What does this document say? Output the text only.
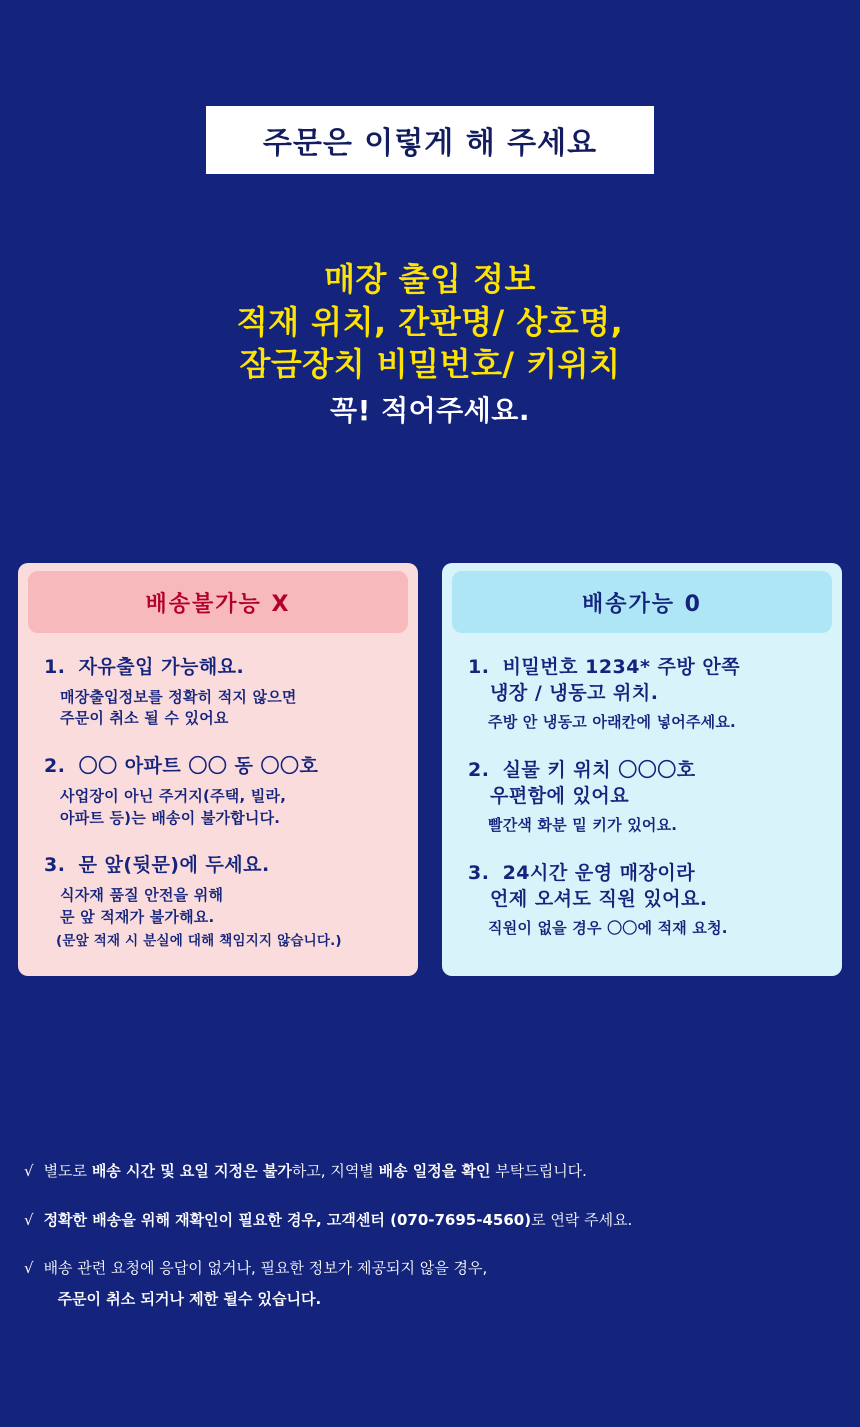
주문은 이렇게 해 주세요
매장 출입 정보
적재 위치, 간판명/ 상호명,
잠금장치 비밀번호/ 키위치
꼭! 적어주세요.
배송불가능 X
1. 자유출입 가능해요.
매장출입정보를 정확히 적지 않으면
주문이 취소 될 수 있어요
2. 〇〇 아파트 〇〇 동 〇〇호
사업장이 아닌 주거지(주택, 빌라,
아파트 등)는 배송이 불가합니다.
3. 문 앞(뒷문)에 두세요.
식자재 품질 안전을 위해
문 앞 적재가 불가해요.
(문앞 적재 시 분실에 대해 책임지지 않습니다.)
배송가능 0
1. 비밀번호 1234* 주방 안쪽
냉장 / 냉동고 위치.
주방 안 냉동고 아래칸에 넣어주세요.
2. 실물 키 위치 〇〇〇호
우편함에 있어요
빨간색 화분 밑 키가 있어요.
3. 24시간 운영 매장이라
언제 오셔도 직원 있어요.
직원이 없을 경우 〇〇에 적재 요청.
√ 별도로 배송 시간 및 요일 지정은 불가하고, 지역별 배송 일정을 확인 부탁드립니다.
√ 정확한 배송을 위해 재확인이 필요한 경우, 고객센터 (070-7695-4560)로 연락 주세요.
√ 배송 관련 요청에 응답이 없거나, 필요한 정보가 제공되지 않을 경우,
주문이 취소 되거나 제한 될수 있습니다.
